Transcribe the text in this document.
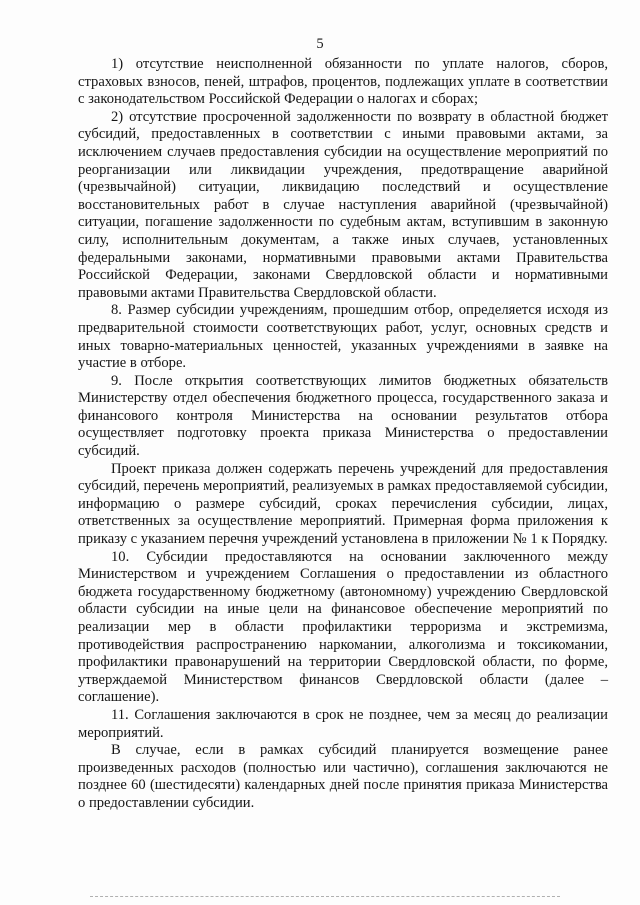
5

1) отсутствие неисполненной обязанности по уплате налогов, сборов, страховых взносов, пеней, штрафов, процентов, подлежащих уплате в соответствии с законодательством Российской Федерации о налогах и сборах;

2) отсутствие просроченной задолженности по возврату в областной бюджет субсидий, предоставленных в соответствии с иными правовыми актами, за исключением случаев предоставления субсидии на осуществление мероприятий по реорганизации или ликвидации учреждения, предотвращение аварийной (чрезвычайной) ситуации, ликвидацию последствий и осуществление восстановительных работ в случае наступления аварийной (чрезвычайной) ситуации, погашение задолженности по судебным актам, вступившим в законную силу, исполнительным документам, а также иных случаев, установленных федеральными законами, нормативными правовыми актами Правительства Российской Федерации, законами Свердловской области и нормативными правовыми актами Правительства Свердловской области.

8. Размер субсидии учреждениям, прошедшим отбор, определяется исходя из предварительной стоимости соответствующих работ, услуг, основных средств и иных товарно-материальных ценностей, указанных учреждениями в заявке на участие в отборе.

9. После открытия соответствующих лимитов бюджетных обязательств Министерству отдел обеспечения бюджетного процесса, государственного заказа и финансового контроля Министерства на основании результатов отбора осуществляет подготовку проекта приказа Министерства о предоставлении субсидий.

Проект приказа должен содержать перечень учреждений для предоставления субсидий, перечень мероприятий, реализуемых в рамках предоставляемой субсидии, информацию о размере субсидий, сроках перечисления субсидии, лицах, ответственных за осуществление мероприятий. Примерная форма приложения к приказу с указанием перечня учреждений установлена в приложении № 1 к Порядку.

10. Субсидии предоставляются на основании заключенного между Министерством и учреждением Соглашения о предоставлении из областного бюджета государственному бюджетному (автономному) учреждению Свердловской области субсидии на иные цели на финансовое обеспечение мероприятий по реализации мер в области профилактики терроризма и экстремизма, противодействия распространению наркомании, алкоголизма и токсикомании, профилактики правонарушений на территории Свердловской области, по форме, утверждаемой Министерством финансов Свердловской области (далее – соглашение).

11. Соглашения заключаются в срок не позднее, чем за месяц до реализации мероприятий.

В случае, если в рамках субсидий планируется возмещение ранее произведенных расходов (полностью или частично), соглашения заключаются не позднее 60 (шестидесяти) календарных дней после принятия приказа Министерства о предоставлении субсидии.
